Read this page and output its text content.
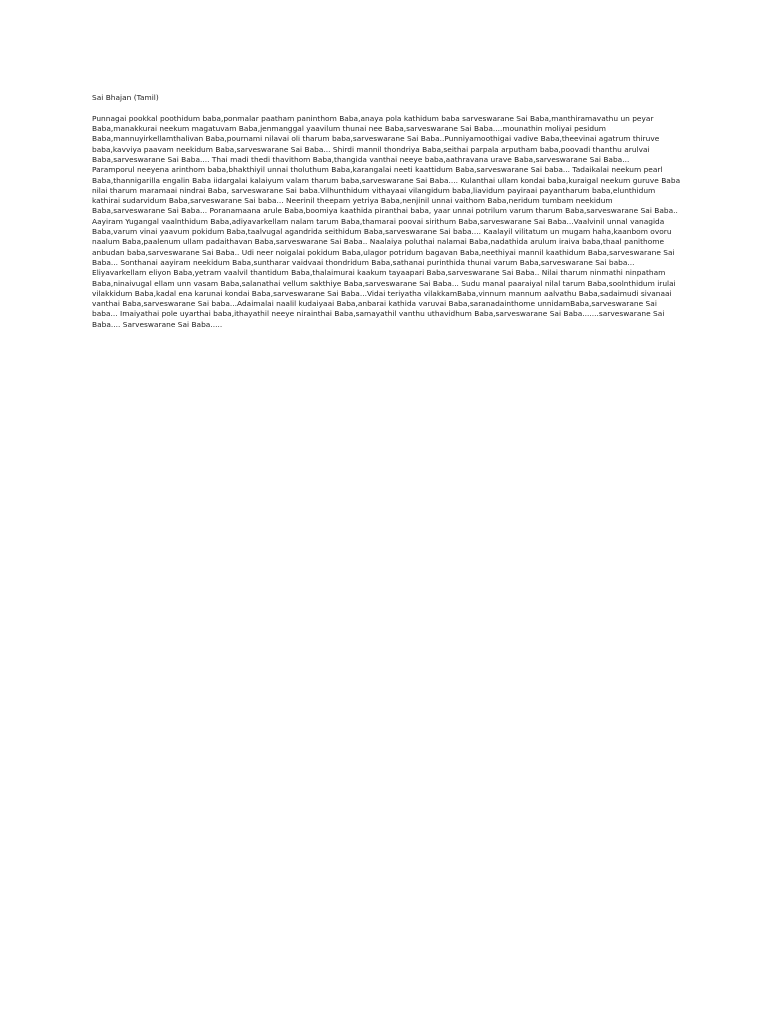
Sai Bhajan (Tamil)

Punnagai pookkal poothidum baba,ponmalar paatham paninthom Baba,anaya pola kathidum baba sarveswarane Sai Baba,manthiramavathu un peyar Baba,manakkurai neekum magatuvam Baba,jenmanggal yaavilum thunai nee Baba,sarveswarane Sai Baba....mounathin moliyai pesidum Baba,mannuyirkellamthalivan Baba,pournami nilavai oli tharum baba,sarveswarane Sai Baba..Punniyamoothigai vadive Baba,theevinai agatrum thiruve baba,kavviya paavam neekidum Baba,sarveswarane Sai Baba... Shirdi mannil thondriya Baba,seithai parpala arputham baba,poovadi thanthu arulvai Baba,sarveswarane Sai Baba.... Thai madi thedi thavithom Baba,thangida vanthai neeye baba,aathravana urave Baba,sarveswarane Sai Baba...

Paramporul neeyena arinthom baba,bhakthiyil unnai tholuthum Baba,karangalai neeti kaattidum Baba,sarveswarane Sai baba... Tadaikalai neekum pearl Baba,thannigarilla engalin Baba iidargalai kalaiyum valam tharum baba,sarveswarane Sai Baba.... Kulanthai ullam kondai baba,kuraigal neekum guruve Baba nilai tharum maramaai nindrai Baba, sarveswarane Sai baba.Vilhunthidum vithayaai vilangidum baba,liavidum payiraai payantharum baba,elunthidum kathirai sudarvidum Baba,sarveswarane Sai baba... Neerinil theepam yetriya Baba,nenjinil unnai vaithom Baba,neridum tumbam neekidum Baba,sarveswarane Sai Baba... Poranamaana arule Baba,boomiya kaathida piranthai baba, yaar unnai potrilum varum tharum Baba,sarveswarane Sai Baba.. Aayiram Yugangal vaalnthidum Baba,adiyavarkellam nalam tarum Baba,thamarai poovai sirithum Baba,sarveswarane Sai Baba...Vaalvinil unnal vanagida Baba,varum vinai yaavum pokidum Baba,taalvugal agandrida seithidum Baba,sarveswarane Sai baba.... Kaalayil vilitatum un mugam haha,kaanbom ovoru naalum Baba,paalenum ullam padaithavan Baba,sarveswarane Sai Baba.. Naalaiya poluthai nalamai Baba,nadathida arulum iraiva baba,thaal panithome anbudan baba,sarveswarane Sai Baba.. Udi neer noigalai pokidum Baba,ulagor potridum bagavan Baba,neethiyai mannil kaathidum Baba,sarveswarane Sai Baba... Sonthanai aayiram neekidum Baba,suntharar vaidvaai thondridum Baba,sathanai purinthida thunai varum Baba,sarveswarane Sai baba... Eliyavarkellam eliyon Baba,yetram vaalvil thantidum Baba,thalaimurai kaakum tayaapari Baba,sarveswarane Sai Baba.. Nilai tharum ninmathi ninpatham Baba,ninaivugal ellam unn vasam Baba,salanathai vellum sakthiye Baba,sarveswarane Sai Baba... Sudu manal paaraiyal nilal tarum Baba,soolnthidum irulai vilakkidum Baba,kadal ena karunai kondai Baba,sarveswarane Sai Baba...Vidai teriyatha vilakkamBaba,vinnum mannum aalvathu Baba,sadaimudi sivanaai vanthai Baba,sarveswarane Sai baba...Adaimalai naalil kudaiyaai Baba,anbarai kathida varuvai Baba,saranadainthome unnidamBaba,sarveswarane Sai baba... Imaiyathai pole uyarthai baba,ithayathil neeye nirainthai Baba,samayathil vanthu uthavidhum Baba,sarveswarane Sai Baba.......sarveswarane Sai Baba.... Sarveswarane Sai Baba.....
